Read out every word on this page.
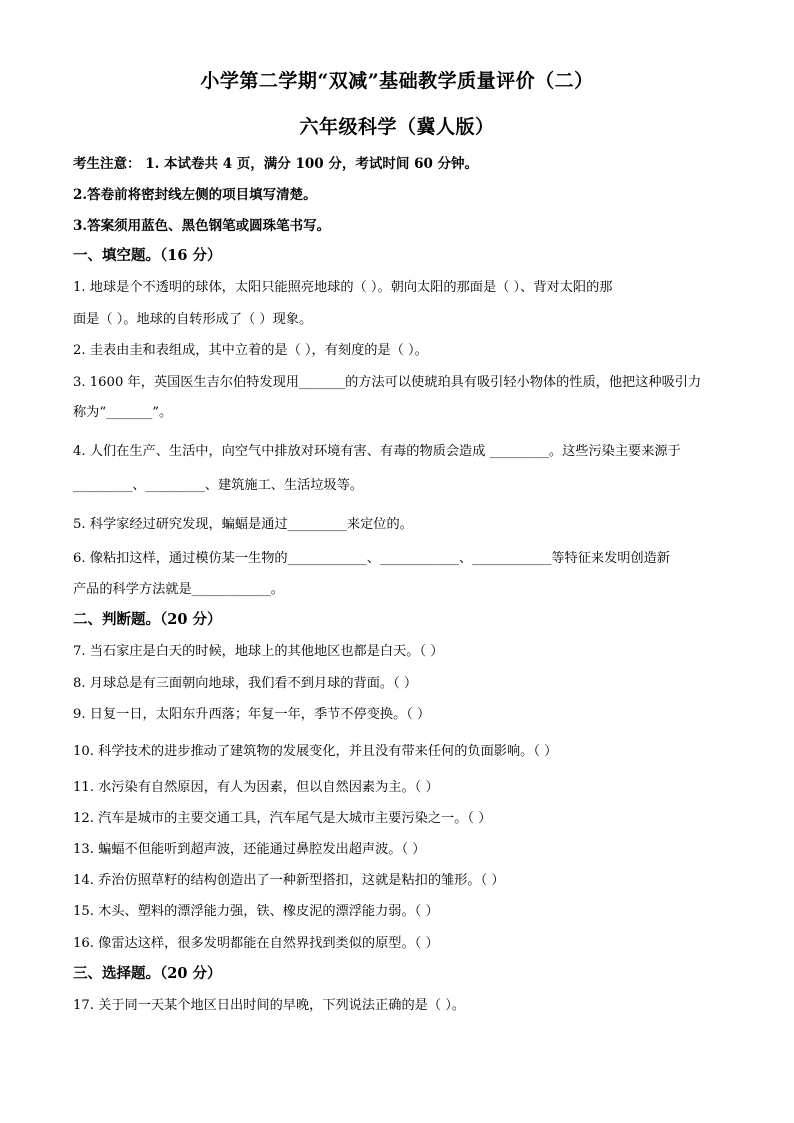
小学第二学期“双减”基础教学质量评价（二）
六年级科学（冀人版）
考生注意： 1. 本试卷共 4 页，满分 100 分，考试时间 60 分钟。
2.答卷前将密封线左侧的项目填写清楚。
3.答案须用蓝色、黑色钢笔或圆珠笔书写。
一、填空题。（16 分）
1. 地球是个不透明的球体，太阳只能照亮地球的（ ）。朝向太阳的那面是（ ）、背对太阳的那
面是（ ）。地球的自转形成了（ ）现象。
2. 圭表由圭和表组成，其中立着的是（ ），有刻度的是（ ）。
3. 1600 年，英国医生吉尔伯特发现用_______的方法可以使琥珀具有吸引轻小物体的性质，他把这种吸引力
称为“_______”。
4. 人们在生产、生活中，向空气中排放对环境有害、有毒的物质会造成 _________。这些污染主要来源于
_________、_________、建筑施工、生活垃圾等。
5. 科学家经过研究发现，蝙蝠是通过_________来定位的。
6. 像粘扣这样，通过模仿某一生物的____________、____________、____________等特征来发明创造新
产品的科学方法就是____________。
二、判断题。（20 分）
7. 当石家庄是白天的时候，地球上的其他地区也都是白天。（ ）
8. 月球总是有三面朝向地球，我们看不到月球的背面。（ ）
9. 日复一日，太阳东升西落；年复一年，季节不停变换。（ ）
10. 科学技术的进步推动了建筑物的发展变化，并且没有带来任何的负面影响。（ ）
11. 水污染有自然原因，有人为因素，但以自然因素为主。（ ）
12. 汽车是城市的主要交通工具，汽车尾气是大城市主要污染之一。（ ）
13. 蝙蝠不但能听到超声波，还能通过鼻腔发出超声波。（ ）
14. 乔治仿照草籽的结构创造出了一种新型搭扣，这就是粘扣的雏形。（ ）
15. 木头、塑料的漂浮能力强，铁、橡皮泥的漂浮能力弱。（ ）
16. 像雷达这样，很多发明都能在自然界找到类似的原型。（ ）
三、选择题。（20 分）
17. 关于同一天某个地区日出时间的早晚，下列说法正确的是（ ）。
